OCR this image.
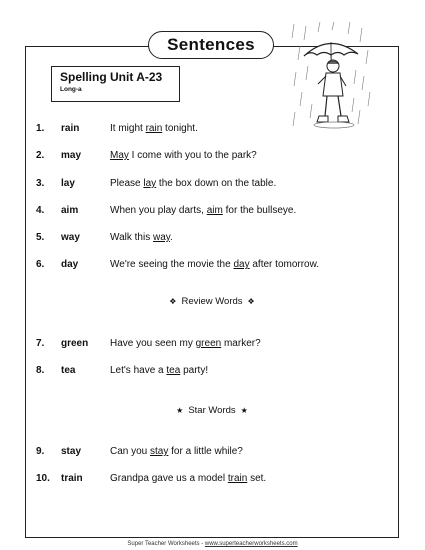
Sentences
Spelling Unit A-23
Long-a
1. rain	It might rain tonight.
2. may	May I come with you to the park?
3. lay	Please lay the box down on the table.
4. aim	When you play darts, aim for the bullseye.
5. way	Walk this way.
6. day	We're seeing the movie the day after tomorrow.
❖ Review Words ❖
7. green Have you seen my green marker?
8. tea	Let's have a tea party!
★ Star Words ★
9. stay	Can you stay for a little while?
10. train	Grandpa gave us a model train set.
Super Teacher Worksheets - www.superteacherworksheets.com
